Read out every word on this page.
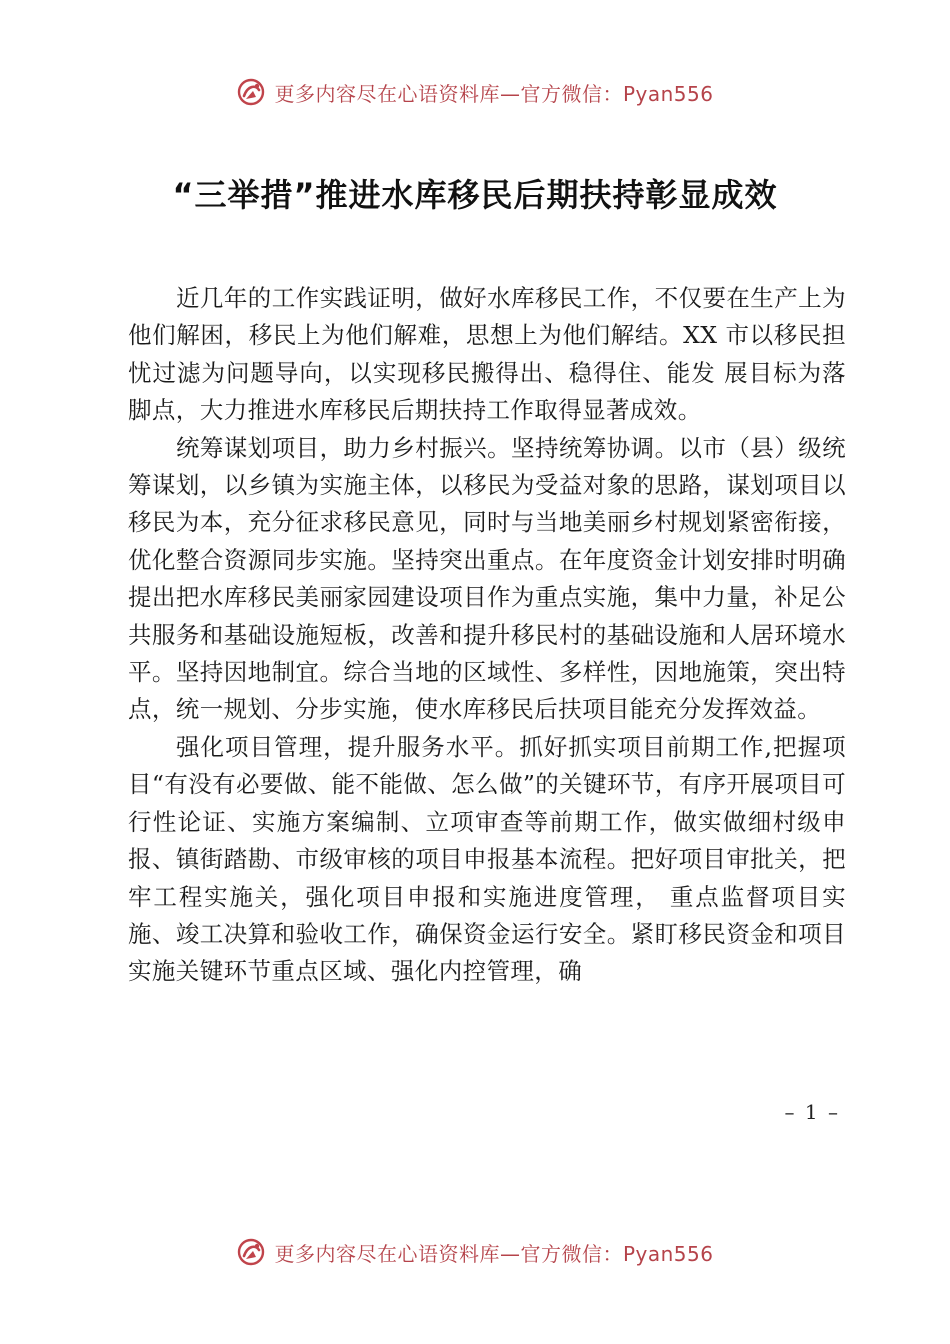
更多内容尽在心语资料库—官方微信：Pyan556
“三举措”推进水库移民后期扶持彰显成效

近几年的工作实践证明，做好水库移民工作，不仅要在生产上为他们解困，移民上为他们解难，思想上为他们解结。XX 市以移民担忧过滤为问题导向，以实现移民搬得出、稳得住、能发 展目标为落脚点，大力推进水库移民后期扶持工作取得显著成效。

统筹谋划项目，助力乡村振兴。坚持统筹协调。以市（县）级统筹谋划，以乡镇为实施主体，以移民为受益对象的思路，谋划项目以移民为本，充分征求移民意见，同时与当地美丽乡村规划紧密衔接，优化整合资源同步实施。坚持突出重点。在年度资金计划安排时明确提出把水库移民美丽家园建设项目作为重点实施，集中力量，补足公共服务和基础设施短板，改善和提升移民村的基础设施和人居环境水平。坚持因地制宜。综合当地的区域性、多样性，因地施策，突出特点，统一规划、分步实施，使水库移民后扶项目能充分发挥效益。

强化项目管理，提升服务水平。抓好抓实项目前期工作,把握项目“有没有必要做、能不能做、怎么做”的关键环节，有序开展项目可行性论证、实施方案编制、立项审查等前期工作，做实做细村级申报、镇街踏勘、市级审核的项目申报基本流程。把好项目审批关，把牢工程实施关，强化项目申报和实施进度管理， 重点监督项目实施、竣工决算和验收工作，确保资金运行安全。紧盯移民资金和项目实施关键环节重点区域、强化内控管理，确

– 1 –
更多内容尽在心语资料库—官方微信：Pyan556
